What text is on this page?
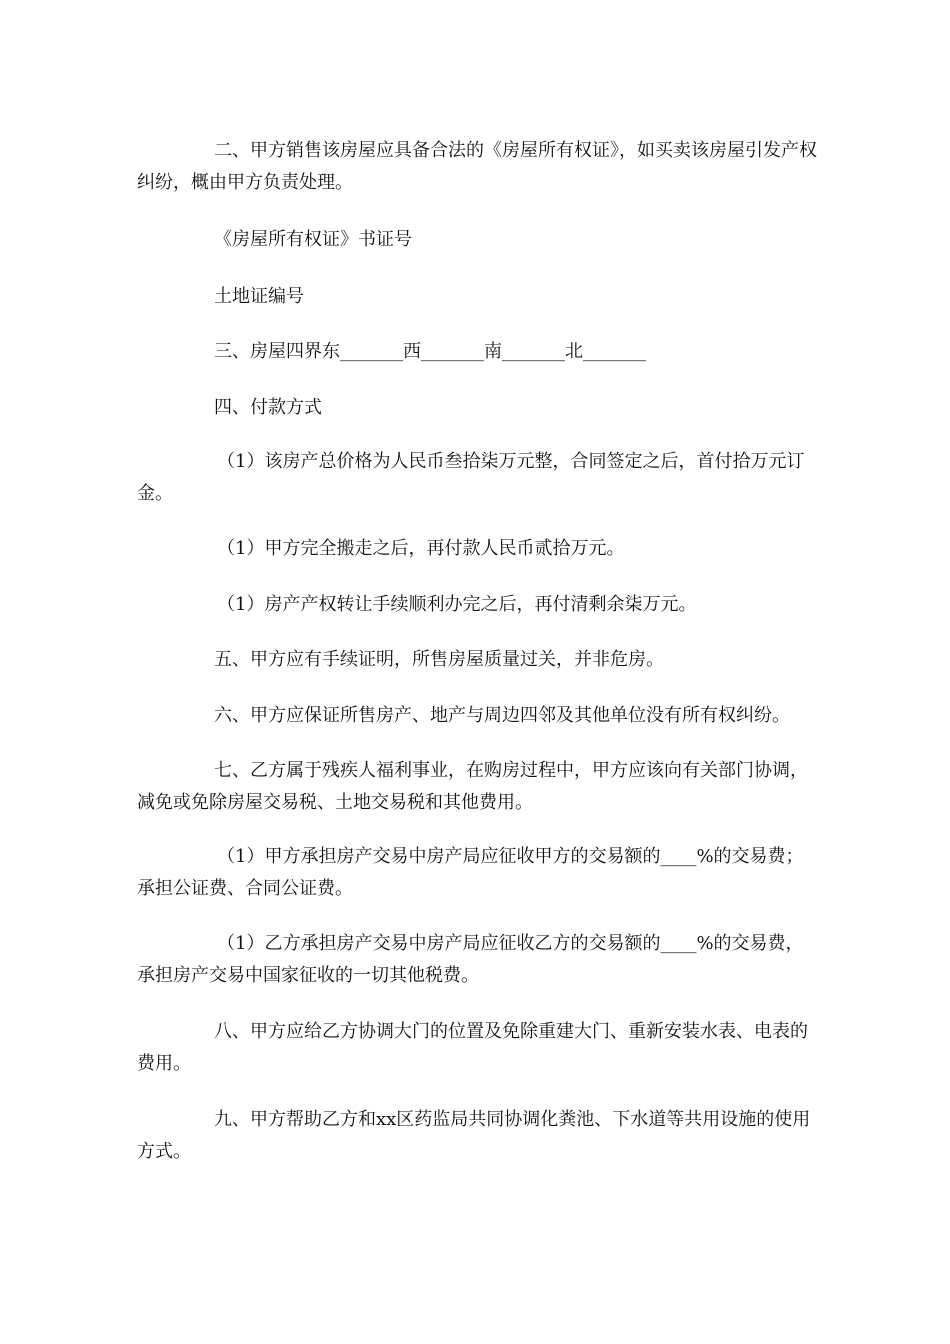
二、甲方销售该房屋应具备合法的《房屋所有权证》，如买卖该房屋引发产权纠纷，概由甲方负责处理。

《房屋所有权证》书证号

土地证编号

三、房屋四界东_______西_______南_______北_______

四、付款方式

（1）该房产总价格为人民币叁拾柒万元整，合同签定之后，首付拾万元订金。

（1）甲方完全搬走之后，再付款人民币贰拾万元。

（1）房产产权转让手续顺利办完之后，再付清剩余柒万元。

五、甲方应有手续证明，所售房屋质量过关，并非危房。

六、甲方应保证所售房产、地产与周边四邻及其他单位没有所有权纠纷。

七、乙方属于残疾人福利事业，在购房过程中，甲方应该向有关部门协调，减免或免除房屋交易税、土地交易税和其他费用。

（1）甲方承担房产交易中房产局应征收甲方的交易额的____%的交易费；承担公证费、合同公证费。

（1）乙方承担房产交易中房产局应征收乙方的交易额的____%的交易费，承担房产交易中国家征收的一切其他税费。

八、甲方应给乙方协调大门的位置及免除重建大门、重新安装水表、电表的费用。

九、甲方帮助乙方和xx区药监局共同协调化粪池、下水道等共用设施的使用方式。
